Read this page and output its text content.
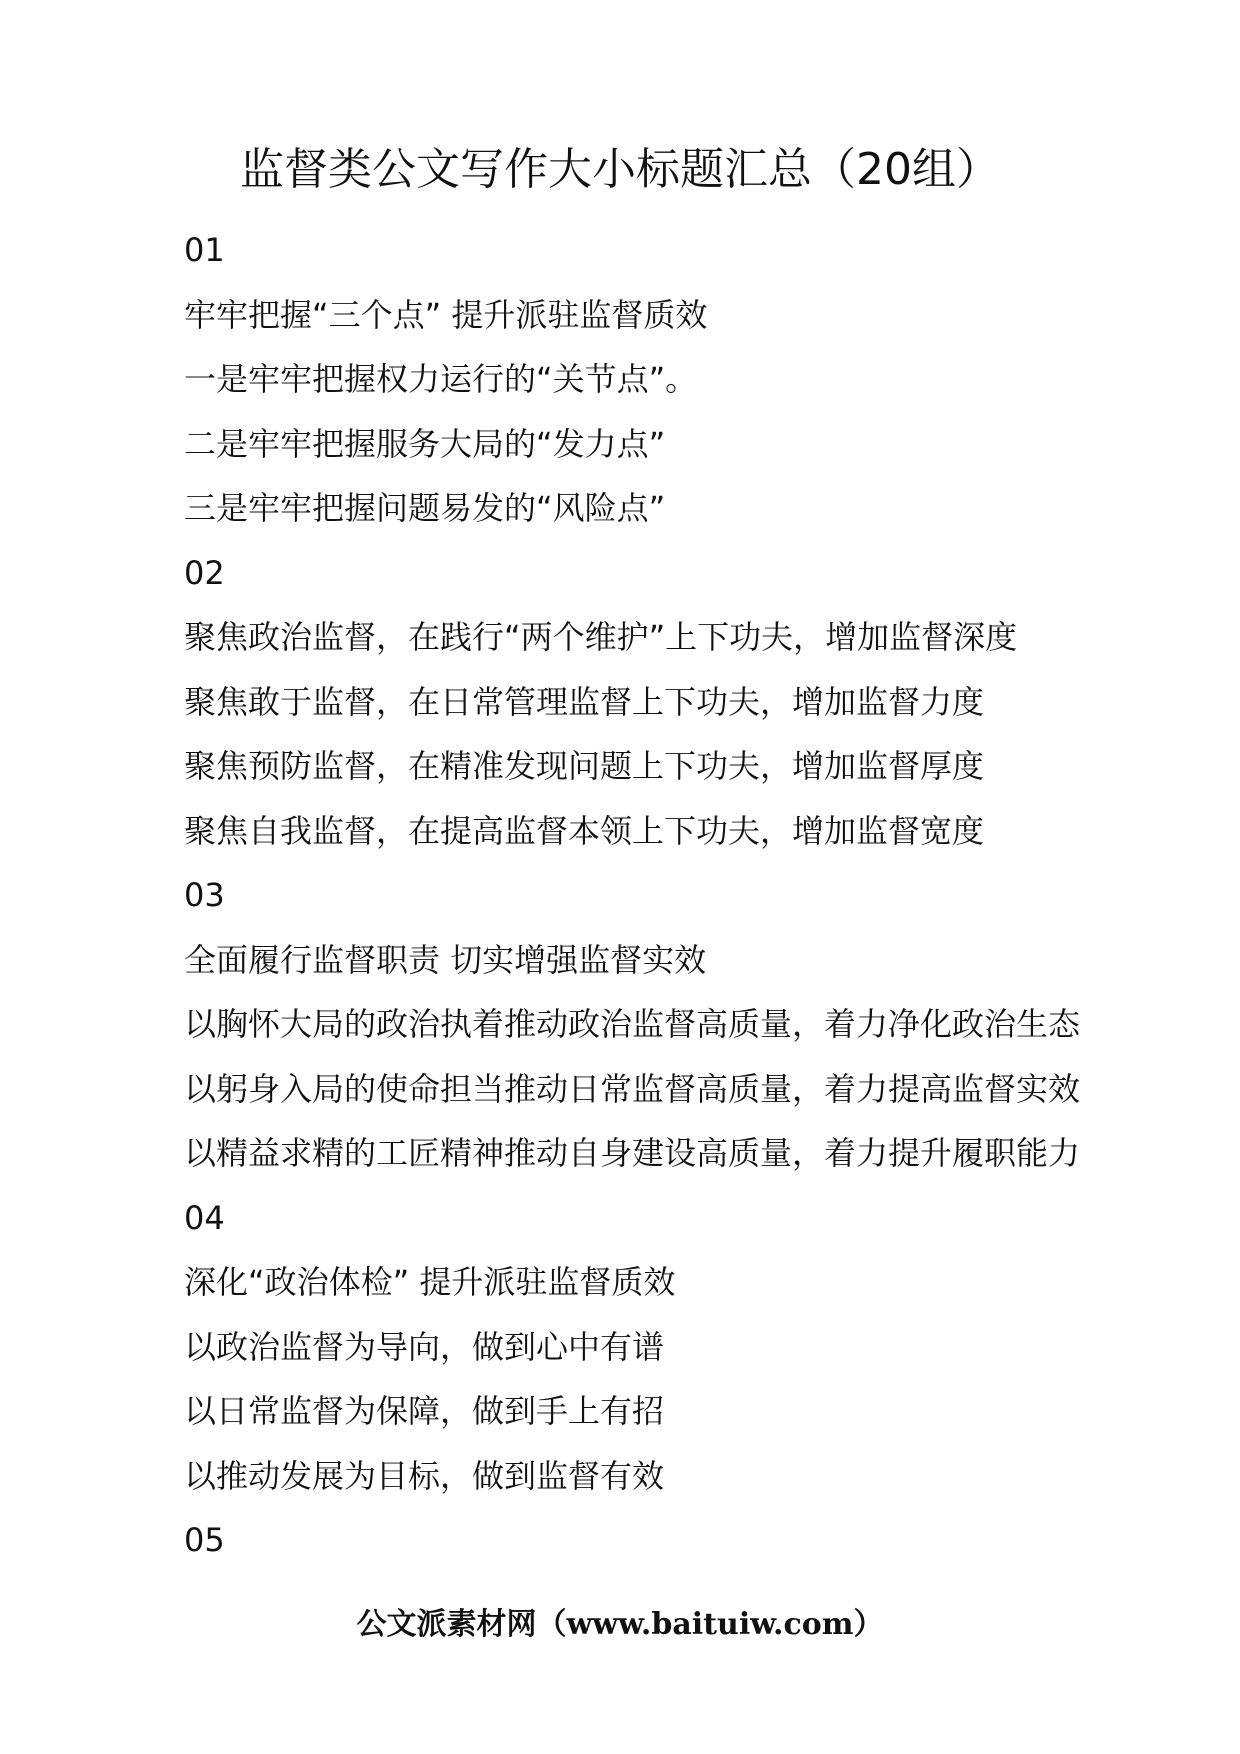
监督类公文写作大小标题汇总（20组）
01
牢牢把握“三个点” 提升派驻监督质效
一是牢牢把握权力运行的“关节点”。
二是牢牢把握服务大局的“发力点”
三是牢牢把握问题易发的“风险点”
02
聚焦政治监督，在践行“两个维护”上下功夫，增加监督深度
聚焦敢于监督，在日常管理监督上下功夫，增加监督力度
聚焦预防监督，在精准发现问题上下功夫，增加监督厚度
聚焦自我监督，在提高监督本领上下功夫，增加监督宽度
03
全面履行监督职责 切实增强监督实效
以胸怀大局的政治执着推动政治监督高质量，着力净化政治生态
以躬身入局的使命担当推动日常监督高质量，着力提高监督实效
以精益求精的工匠精神推动自身建设高质量，着力提升履职能力
04
深化“政治体检” 提升派驻监督质效
以政治监督为导向，做到心中有谱
以日常监督为保障，做到手上有招
以推动发展为目标，做到监督有效
05
公文派素材网（www.baituiw.com）
